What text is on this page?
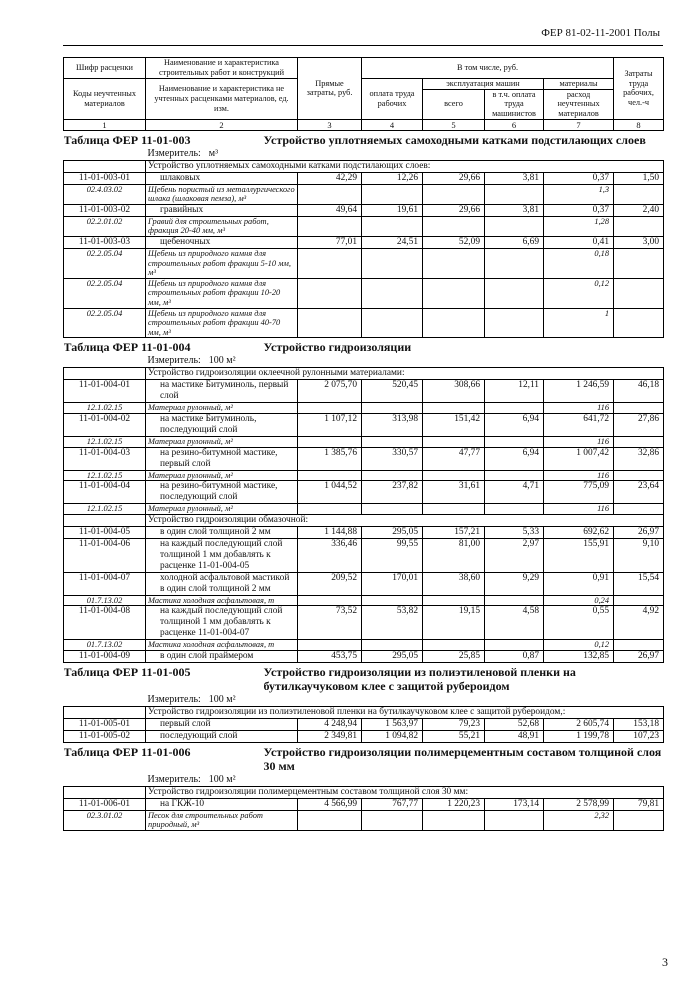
ФЕР 81-02-11-2001 Полы
Шифр расценки	Наименование и характеристика строительных работ и конструкций	Прямые затраты, руб.	В том числе, руб.				Затраты труда рабочих, чел.-ч
Коды неучтенных материалов	Наименование и характеристика не учтенных расценками материалов, ед. изм.		оплата труда рабочих	эксплуатация машин		материалы	
				всего	в т.ч. оплата труда машинистов	расход неучтенных материалов	
1	2	3	4	5	6	7	8

Таблица ФЕР 11-01-003 Устройство уплотняемых самоходными катками подстилающих слоев
Измеритель: м³							

	Устройство уплотняемых самоходными катками подстилающих слоев:						
11-01-003-01	шлаковых	42,29	12,26	29,66	3,81	0,37	1,50
02.4.03.02	Щебень пористый из металлургического шлака (шлаковая пемза), м³					1,3	
11-01-003-02	гравийных	49,64	19,61	29,66	3,81	0,37	2,40
02.2.01.02	Гравий для строительных работ, фракция 20-40 мм, м³					1,28	
11-01-003-03	щебеночных	77,01	24,51	52,09	6,69	0,41	3,00
02.2.05.04	Щебень из природного камня для строительных работ фракции 5-10 мм, м³					0,18	
02.2.05.04	Щебень из природного камня для строительных работ фракции 10-20 мм, м³					0,12	
02.2.05.04	Щебень из природного камня для строительных работ фракции 40-70 мм, м³					1	

Таблица ФЕР 11-01-004 Устройство гидроизоляции
Измеритель: 100 м²							

	Устройство гидроизоляции оклеечной рулонными материалами:						
11-01-004-01	на мастике Битуминоль, первый слой	2 075,70	520,45	308,66	12,11	1 246,59	46,18
12.1.02.15	Материал рулонный, м²					116	
11-01-004-02	на мастике Битуминоль, последующий слой	1 107,12	313,98	151,42	6,94	641,72	27,86
12.1.02.15	Материал рулонный, м²					116	
11-01-004-03	на резино-битумной мастике, первый слой	1 385,76	330,57	47,77	6,94	1 007,42	32,86
12.1.02.15	Материал рулонный, м²					116	
11-01-004-04	на резино-битумной мастике, последующий слой	1 044,52	237,82	31,61	4,71	775,09	23,64
12.1.02.15	Материал рулонный, м²					116	
	Устройство гидроизоляции обмазочной:						
11-01-004-05	в один слой толщиной 2 мм	1 144,88	295,05	157,21	5,33	692,62	26,97
11-01-004-06	на каждый последующий слой толщиной 1 мм добавлять к расценке 11-01-004-05	336,46	99,55	81,00	2,97	155,91	9,10
11-01-004-07	холодной асфальтовой мастикой в один слой толщиной 2 мм	209,52	170,01	38,60	9,29	0,91	15,54
01.7.13.02	Мастика холодная асфальтовая, т					0,24	
11-01-004-08	на каждый последующий слой толщиной 1 мм добавлять к расценке 11-01-004-07	73,52	53,82	19,15	4,58	0,55	4,92
01.7.13.02	Мастика холодная асфальтовая, т					0,12	
11-01-004-09	в один слой праймером	453,75	295,05	25,85	0,87	132,85	26,97

Таблица ФЕР 11-01-005 Устройство гидроизоляции из полиэтиленовой пленки на бутилкаучуковом клее с защитой рубероидом
Измеритель: 100 м²							

	Устройство гидроизоляции из полиэтиленовой пленки на бутилкаучуковом клее с защитой рубероидом,:						
11-01-005-01	первый слой	4 248,94	1 563,97	79,23	52,68	2 605,74	153,18
11-01-005-02	последующий слой	2 349,81	1 094,82	55,21	48,91	1 199,78	107,23

Таблица ФЕР 11-01-006 Устройство гидроизоляции полимерцементным составом толщиной слоя 30 мм
Измеритель: 100 м²							

	Устройство гидроизоляции полимерцементным составом толщиной слоя 30 мм:						
11-01-006-01	на ГКЖ-10	4 566,99	767,77	1 220,23	173,14	2 578,99	79,81
02.3.01.02	Песок для строительных работ природный, м³					2,32	
3
